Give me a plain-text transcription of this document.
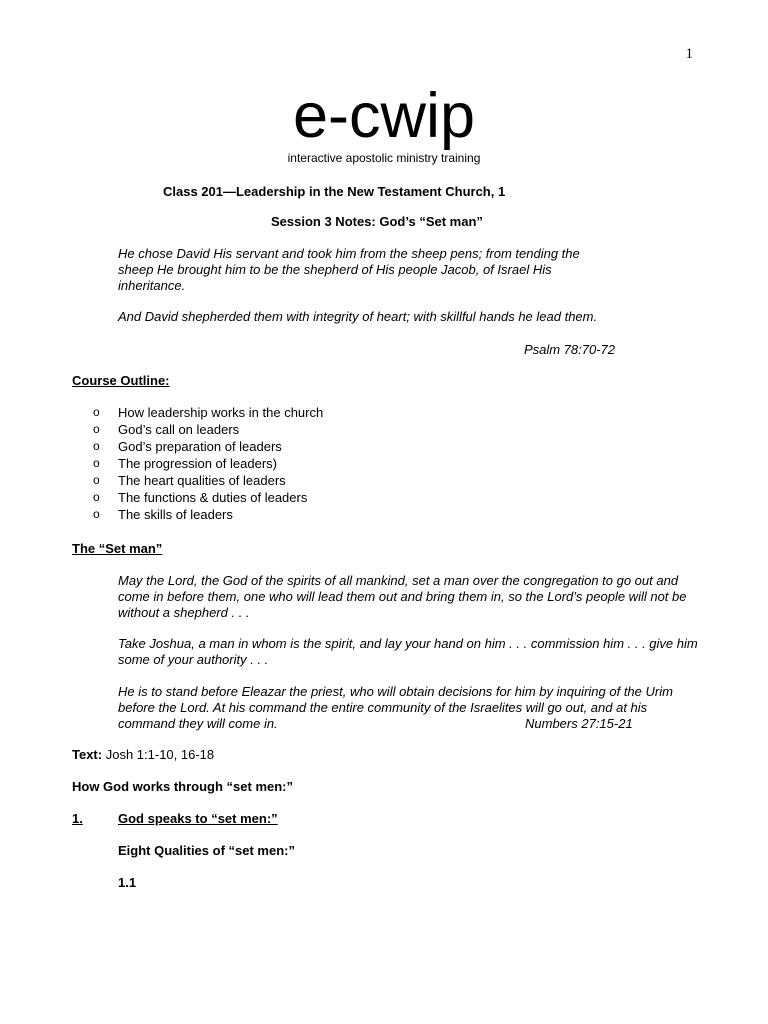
1
e-cwip
interactive apostolic ministry training
Class 201—Leadership in the New Testament Church, 1
Session 3 Notes: God’s “Set man”
He chose David His servant and took him from the sheep pens; from tending the sheep He brought him to be the shepherd of His people Jacob, of Israel His inheritance.
And David shepherded them with integrity of heart; with skillful hands he lead them.
Psalm 78:70-72
Course Outline:
o How leadership works in the church
o God’s call on leaders
o God’s preparation of leaders
o The progression of leaders)
o The heart qualities of leaders
o The functions & duties of leaders
o The skills of leaders
The “Set man”
May the Lord, the God of the spirits of all mankind, set a man over the congregation to go out and come in before them, one who will lead them out and bring them in, so the Lord’s people will not be without a shepherd . . .
Take Joshua, a man in whom is the spirit, and lay your hand on him . . . commission him . . . give him some of your authority . . .
He is to stand before Eleazar the priest, who will obtain decisions for him by inquiring of the Urim before the Lord. At his command the entire community of the Israelites will go out, and at his command they will come in.	Numbers 27:15-21
Text: Josh 1:1-10, 16-18
How God works through “set men:”
1.	God speaks to “set men:”
Eight Qualities of “set men:”
1.1
